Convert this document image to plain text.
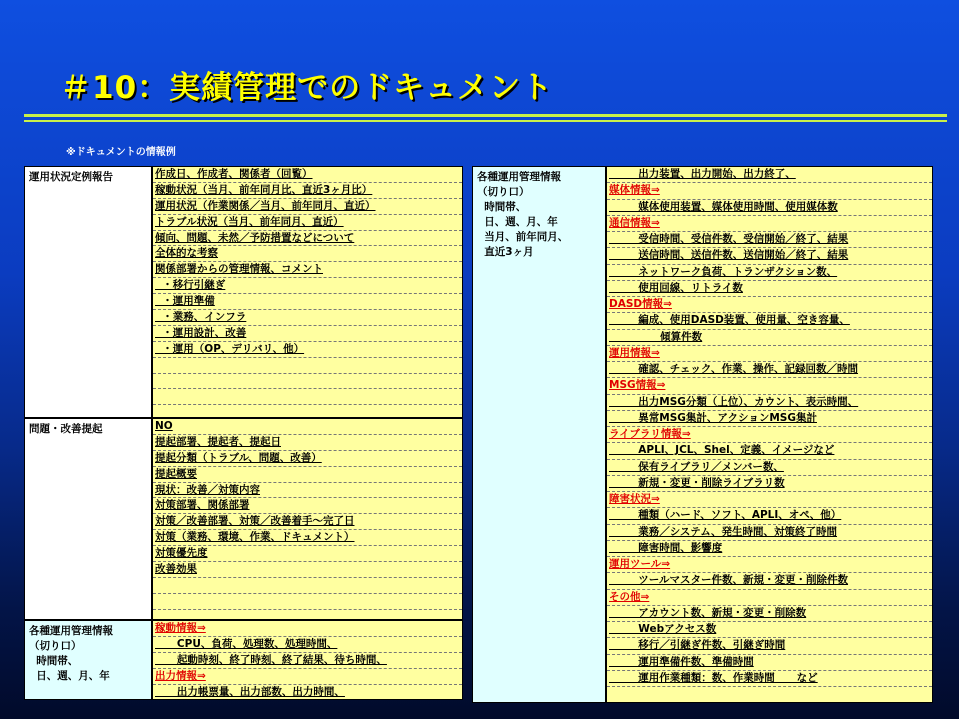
＃10：実績管理でのドキュメント
※ドキュメントの情報例
運用状況定例報告	作成日、作成者、関係者（回覧）
稼動状況（当月、前年同月比、直近3ヶ月比）
運用状況（作業関係／当月、前年同月、直近）
トラブル状況（当月、前年同月、直近）
傾向、問題、未然／予防措置などについて
全体的な考察
関係部署からの管理情報、コメント
・移行引継ぎ
・運用準備
・業務、インフラ
・運用設計、改善
・運用（OP、デリバリ、他）
問題・改善提起	NO
提起部署、提起者、提起日
提起分類（トラブル、問題、改善）
提起概要
現状：改善／対策内容
対策部署、関係部署
対策／改善部署、対策／改善着手～完了日
対策（業務、環境、作業、ドキュメント）
対策優先度
改善効果
各種運用管理情報
（切り口）
時間帯、
日、週、月、年
稼動情報⇒
CPU、負荷、処理数、処理時間、
起動時刻、終了時刻、終了結果、待ち時間、
出力情報⇒
出力帳票量、出力部数、出力時間、
各種運用管理情報
（切り口）
時間帯、
日、週、月、年
当月、前年同月、
直近3ヶ月
出力装置、出力開始、出力終了、
媒体情報⇒
媒体使用装置、媒体使用時間、使用媒体数
通信情報⇒
受信時間、受信件数、受信開始／終了、結果
送信時間、送信件数、送信開始／終了、結果
ネットワーク負荷、トランザクション数、
使用回線、リトライ数
DASD情報⇒
編成、使用DASD装置、使用量、空き容量、
傾算件数
運用情報⇒
確認、チェック、作業、操作、記録回数／時間
MSG情報⇒
出力MSG分類（上位）、カウント、表示時間、
異常MSG集計、アクションMSG集計
ライブラリ情報⇒
APLI、JCL、Shel、定義、イメージなど
保有ライブラリ／メンバー数、
新規・変更・削除ライブラリ数
障害状況⇒
種類（ハード、ソフト、APLI、オペ、他）
業務／システム、発生時間、対策終了時間
障害時間、影響度
運用ツール⇒
ツールマスター件数、新規・変更・削除件数
その他⇒
アカウント数、新規・変更・削除数
Webアクセス数
移行／引継ぎ件数、引継ぎ時間
運用準備件数、準備時間
運用作業種類：数、作業時間      など
